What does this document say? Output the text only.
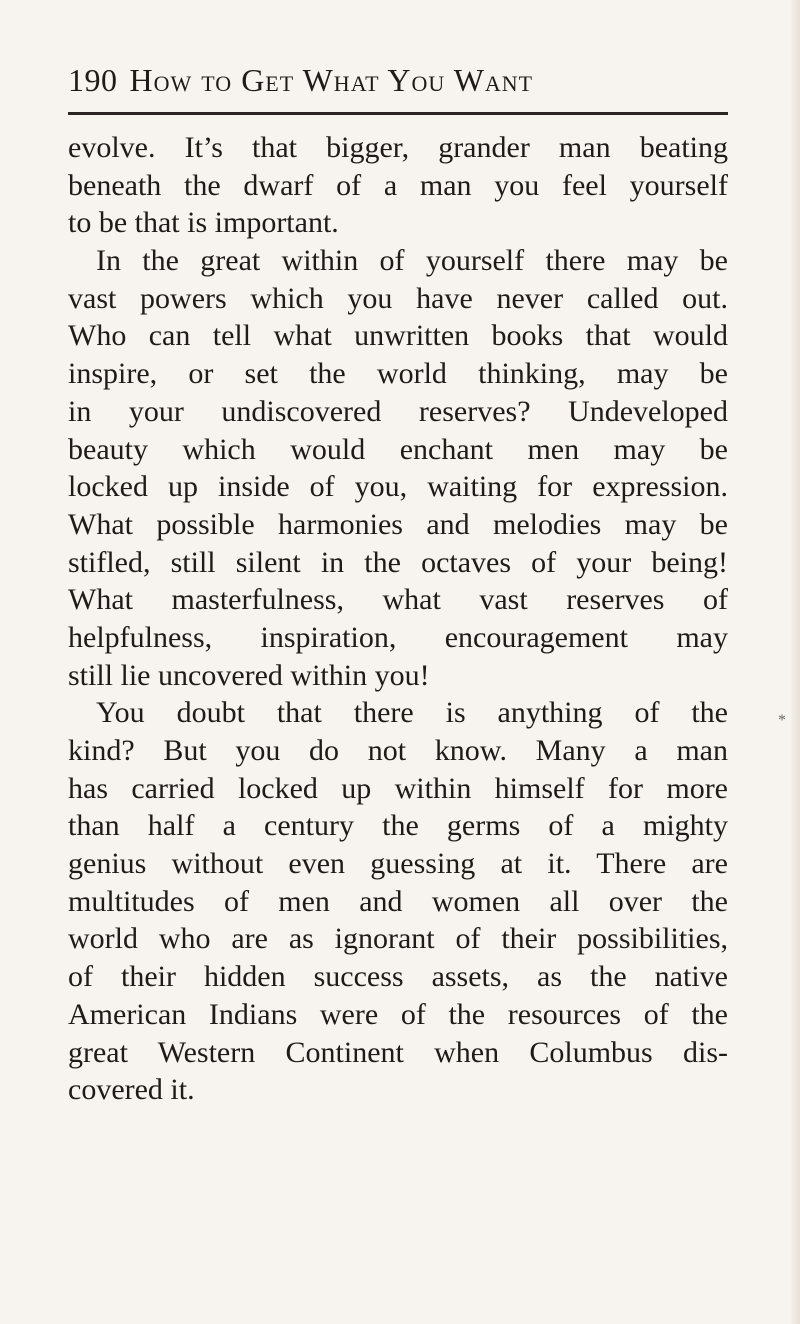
190 How to Get What You Want
evolve. It’s that bigger, grander man beating
beneath the dwarf of a man you feel yourself
to be that is important.
In the great within of yourself there may be
vast powers which you have never called out.
Who can tell what unwritten books that would
inspire, or set the world thinking, may be
in your undiscovered reserves? Undeveloped
beauty which would enchant men may be
locked up inside of you, waiting for expression.
What possible harmonies and melodies may be
stifled, still silent in the octaves of your being!
What masterfulness, what vast reserves of
helpfulness, inspiration, encouragement may
still lie uncovered within you!
You doubt that there is anything of the
kind? But you do not know. Many a man
has carried locked up within himself for more
than half a century the germs of a mighty
genius without even guessing at it. There are
multitudes of men and women all over the
world who are as ignorant of their possibilities,
of their hidden success assets, as the native
American Indians were of the resources of the
great Western Continent when Columbus dis-
covered it.
*
